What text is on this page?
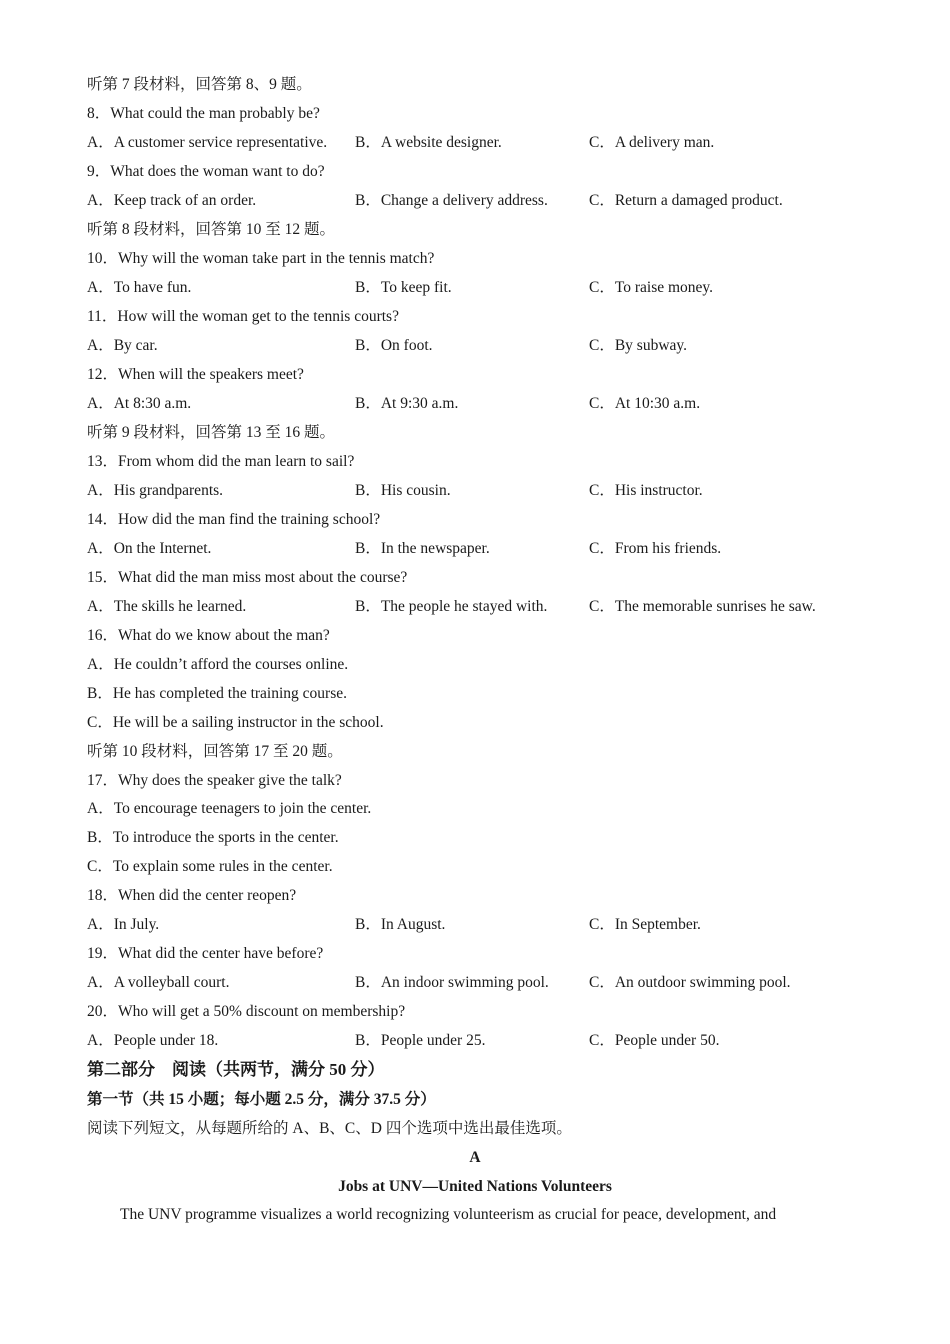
听第 7 段材料，回答第 8、9 题。
8．What could the man probably be?
A．A customer service representative. B．A website designer.	C．A delivery man.
9．What does the woman want to do?
A．Keep track of an order.	B．Change a delivery address.	C．Return a damaged product.
听第 8 段材料，回答第 10 至 12 题。
10．Why will the woman take part in the tennis match?
A．To have fun.	B．To keep fit.	C．To raise money.
11．How will the woman get to the tennis courts?
A．By car.	B．On foot.	C．By subway.
12．When will the speakers meet?
A．At 8:30 a.m.	B．At 9:30 a.m.	C．At 10:30 a.m.
听第 9 段材料，回答第 13 至 16 题。
13．From whom did the man learn to sail?
A．His grandparents.	B．His cousin.	C．His instructor.
14．How did the man find the training school?
A．On the Internet.	B．In the newspaper.	C．From his friends.
15．What did the man miss most about the course?
A．The skills he learned.	B．The people he stayed with.	C．The memorable sunrises he saw.
16．What do we know about the man?
A．He couldn’t afford the courses online.
B．He has completed the training course.
C．He will be a sailing instructor in the school.
听第 10 段材料，回答第 17 至 20 题。
17．Why does the speaker give the talk?
A．To encourage teenagers to join the center.
B．To introduce the sports in the center.
C．To explain some rules in the center.
18．When did the center reopen?
A．In July.	B．In August.	C．In September.
19．What did the center have before?
A．A volleyball court.	B．An indoor swimming pool.	C．An outdoor swimming pool.
20．Who will get a 50% discount on membership?
A．People under 18.	B．People under 25.	C．People under 50.
第二部分　阅读（共两节，满分 50 分）
第一节（共 15 小题；每小题 2.5 分，满分 37.5 分）
阅读下列短文，从每题所给的 A、B、C、D 四个选项中选出最佳选项。
A
Jobs at UNV—United Nations Volunteers
The UNV programme visualizes a world recognizing volunteerism as crucial for peace, development, and
